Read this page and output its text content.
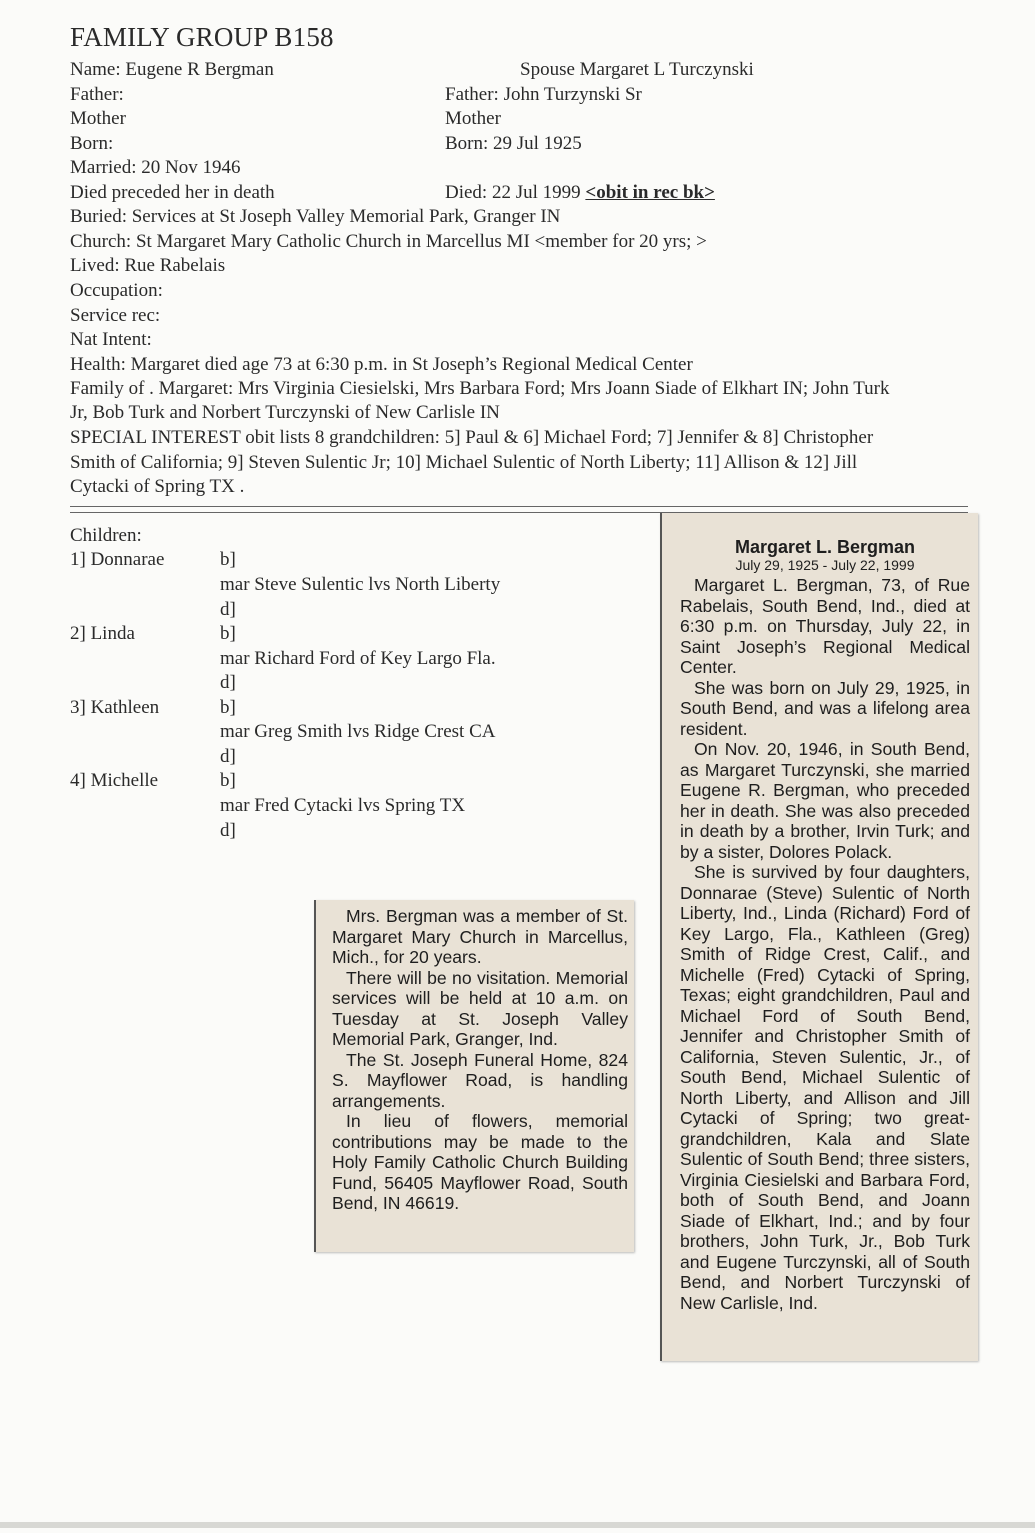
FAMILY GROUP B158
Name: Eugene R Bergman	Spouse Margaret L Turczynski
Father:	Father: John Turzynski Sr
Mother	Mother
Born:	Born: 29 Jul 1925
Married: 20 Nov 1946
Died preceded her in death	Died: 22 Jul 1999 <obit in rec bk>
Buried: Services at St Joseph Valley Memorial Park, Granger IN
Church: St Margaret Mary Catholic Church in Marcellus MI <member for 20 yrs; >
Lived: Rue Rabelais
Occupation:
Service rec:
Nat Intent:
Health: Margaret died age 73 at 6:30 p.m. in St Joseph’s Regional Medical Center
Family of . Margaret: Mrs Virginia Ciesielski, Mrs Barbara Ford; Mrs Joann Siade of Elkhart IN; John Turk
Jr, Bob Turk and Norbert Turczynski of New Carlisle IN
SPECIAL INTEREST obit lists 8 grandchildren: 5] Paul & 6] Michael Ford; 7] Jennifer & 8] Christopher
Smith of California; 9] Steven Sulentic Jr; 10] Michael Sulentic of North Liberty; 11] Allison & 12] Jill
Cytacki of Spring TX .
Children:
1] Donnarae	b]
mar Steve Sulentic lvs North Liberty
d]
2] Linda	b]
mar Richard Ford of Key Largo Fla.
d]
3] Kathleen	b]
mar Greg Smith lvs Ridge Crest CA
d]
4] Michelle	b]
mar Fred Cytacki lvs Spring TX
d]

Mrs. Bergman was a member of St. Margaret Mary Church in Marcellus, Mich., for 20 years.

There will be no visitation. Memorial services will be held at 10 a.m. on Tuesday at St. Joseph Valley Memorial Park, Granger, Ind.

The St. Joseph Funeral Home, 824 S. Mayflower Road, is handling arrangements.

In lieu of flowers, memorial contributions may be made to the Holy Family Catholic Church Building Fund, 56405 Mayflower Road, South Bend, IN 46619.

Margaret L. Bergman

July 29, 1925 - July 22, 1999

Margaret L. Bergman, 73, of Rue Rabelais, South Bend, Ind., died at 6:30 p.m. on Thursday, July 22, in Saint Joseph’s Regional Medical Center.

She was born on July 29, 1925, in South Bend, and was a lifelong area resident.

On Nov. 20, 1946, in South Bend, as Margaret Turczynski, she married Eugene R. Bergman, who preceded her in death. She was also preceded in death by a brother, Irvin Turk; and by a sister, Dolores Polack.

She is survived by four daughters, Donnarae (Steve) Sulentic of North Liberty, Ind., Linda (Richard) Ford of Key Largo, Fla., Kathleen (Greg) Smith of Ridge Crest, Calif., and Michelle (Fred) Cytacki of Spring, Texas; eight grandchildren, Paul and Michael Ford of South Bend, Jennifer and Christopher Smith of California, Steven Sulentic, Jr., of South Bend, Michael Sulentic of North Liberty, and Allison and Jill Cytacki of Spring; two great-grandchildren, Kala and Slate Sulentic of South Bend; three sisters, Virginia Ciesielski and Barbara Ford, both of South Bend, and Joann Siade of Elkhart, Ind.; and by four brothers, John Turk, Jr., Bob Turk and Eugene Turczynski, all of South Bend, and Norbert Turczynski of New Carlisle, Ind.
